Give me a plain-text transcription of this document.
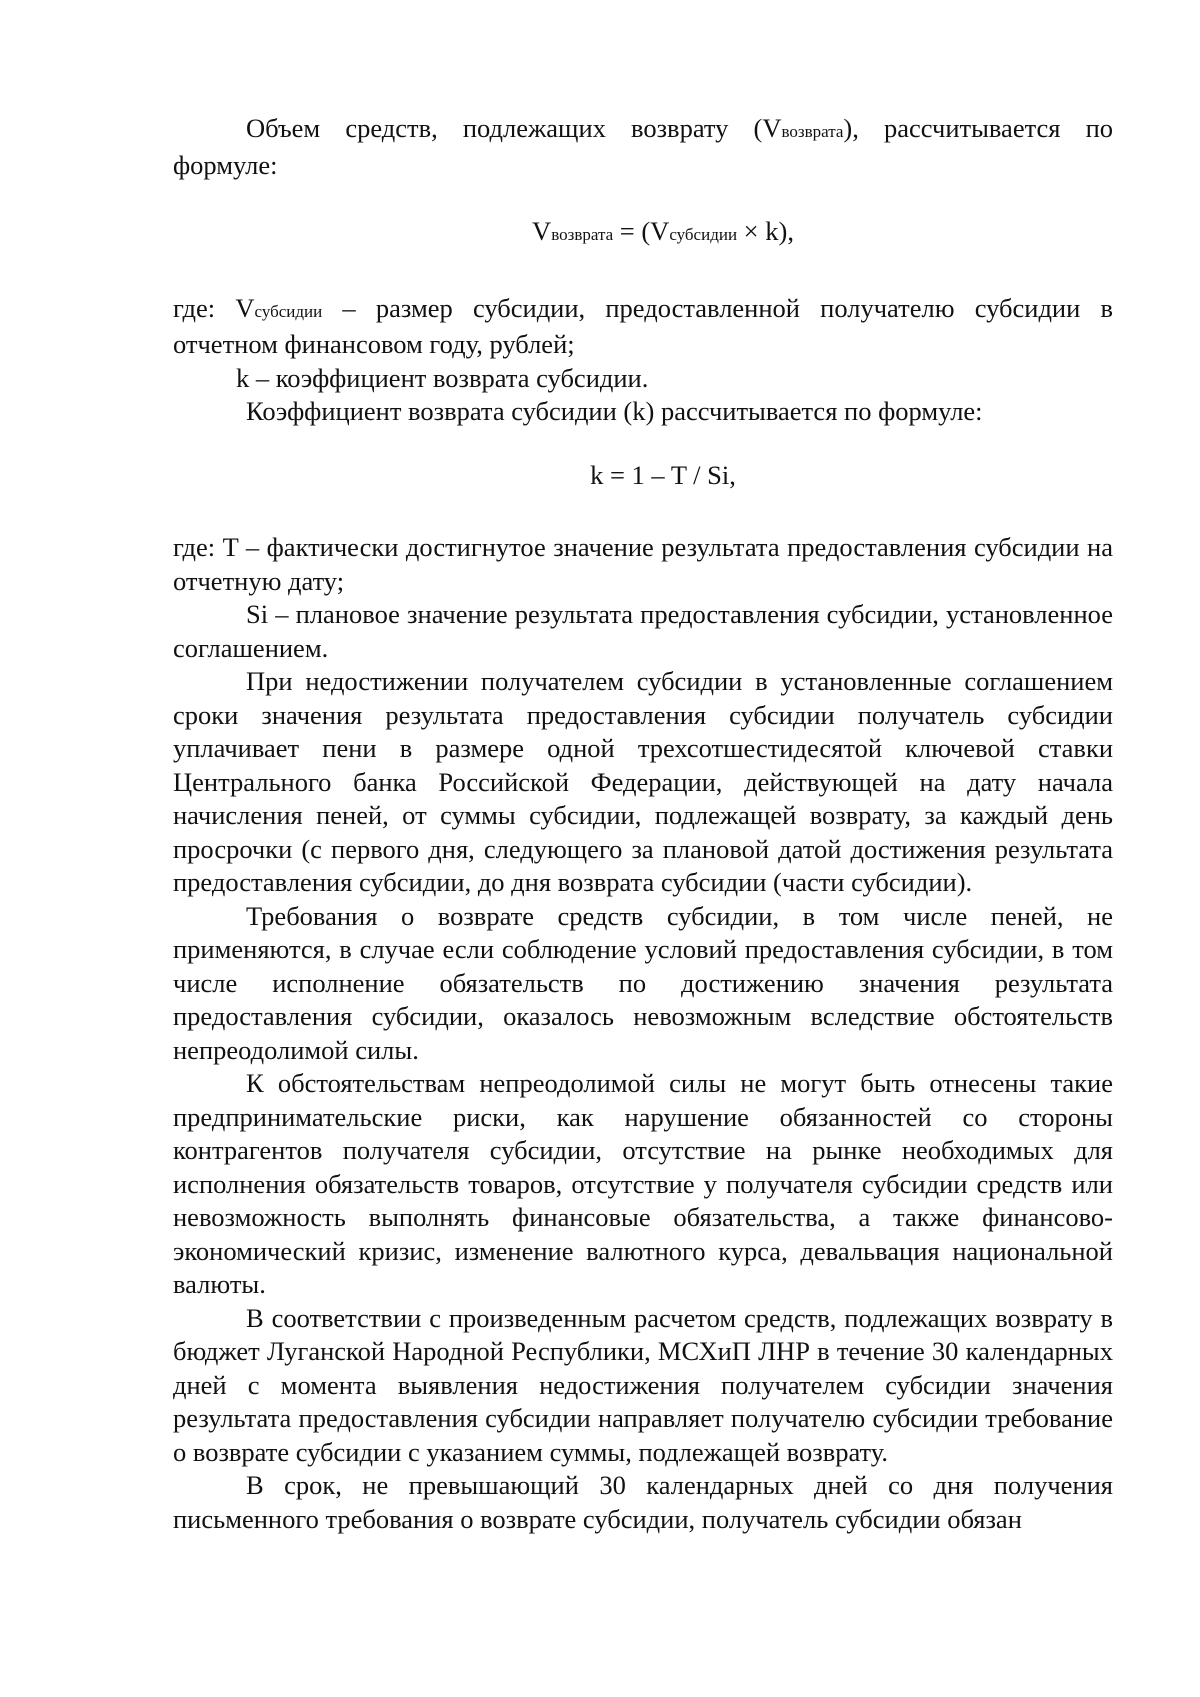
Объем средств, подлежащих возврату (Vвозврата), рассчитывается по формуле:

Vвозврата = (Vсубсидии × k),

где: Vсубсидии – размер субсидии, предоставленной получателю субсидии в отчетном финансовом году, рублей;

k – коэффициент возврата субсидии.

Коэффициент возврата субсидии (k) рассчитывается по формуле:

k = 1 – T / Si,

где: T – фактически достигнутое значение результата предоставления субсидии на отчетную дату;

Si – плановое значение результата предоставления субсидии, установленное соглашением.

При недостижении получателем субсидии в установленные соглашением сроки значения результата предоставления субсидии получатель субсидии уплачивает пени в размере одной трехсотшестидесятой ключевой ставки Центрального банка Российской Федерации, действующей на дату начала начисления пеней, от суммы субсидии, подлежащей возврату, за каждый день просрочки (с первого дня, следующего за плановой датой достижения результата предоставления субсидии, до дня возврата субсидии (части субсидии).

Требования о возврате средств субсидии, в том числе пеней, не применяются, в случае если соблюдение условий предоставления субсидии, в том числе исполнение обязательств по достижению значения результата предоставления субсидии, оказалось невозможным вследствие обстоятельств непреодолимой силы.

К обстоятельствам непреодолимой силы не могут быть отнесены такие предпринимательские риски, как нарушение обязанностей со стороны контрагентов получателя субсидии, отсутствие на рынке необходимых для исполнения обязательств товаров, отсутствие у получателя субсидии средств или невозможность выполнять финансовые обязательства, а также финансово-экономический кризис, изменение валютного курса, девальвация национальной валюты.

В соответствии с произведенным расчетом средств, подлежащих возврату в бюджет Луганской Народной Республики, МСХиП ЛНР в течение 30 календарных дней с момента выявления недостижения получателем субсидии значения результата предоставления субсидии направляет получателю субсидии требование о возврате субсидии с указанием суммы, подлежащей возврату.

В срок, не превышающий 30 календарных дней со дня получения письменного требования о возврате субсидии, получатель субсидии обязан
